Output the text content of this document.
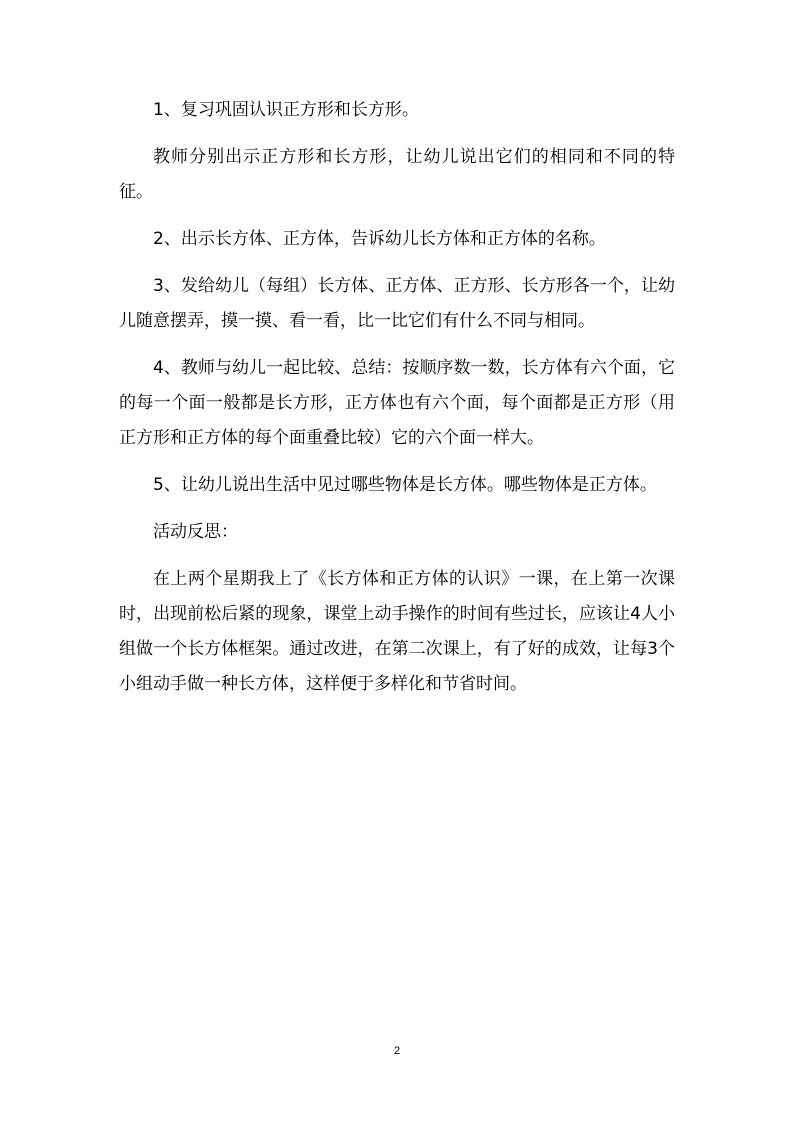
1、复习巩固认识正方形和长方形。

教师分别出示正方形和长方形，让幼儿说出它们的相同和不同的特征。

2、出示长方体、正方体，告诉幼儿长方体和正方体的名称。

3、发给幼儿（每组）长方体、正方体、正方形、长方形各一个，让幼儿随意摆弄，摸一摸、看一看，比一比它们有什么不同与相同。

4、教师与幼儿一起比较、总结：按顺序数一数，长方体有六个面，它的每一个面一般都是长方形，正方体也有六个面，每个面都是正方形（用正方形和正方体的每个面重叠比较）它的六个面一样大。

5、让幼儿说出生活中见过哪些物体是长方体。哪些物体是正方体。

活动反思：

在上两个星期我上了《长方体和正方体的认识》一课，在上第一次课时，出现前松后紧的现象，课堂上动手操作的时间有些过长，应该让4人小组做一个长方体框架。通过改进，在第二次课上，有了好的成效，让每3个小组动手做一种长方体，这样便于多样化和节省时间。

2
